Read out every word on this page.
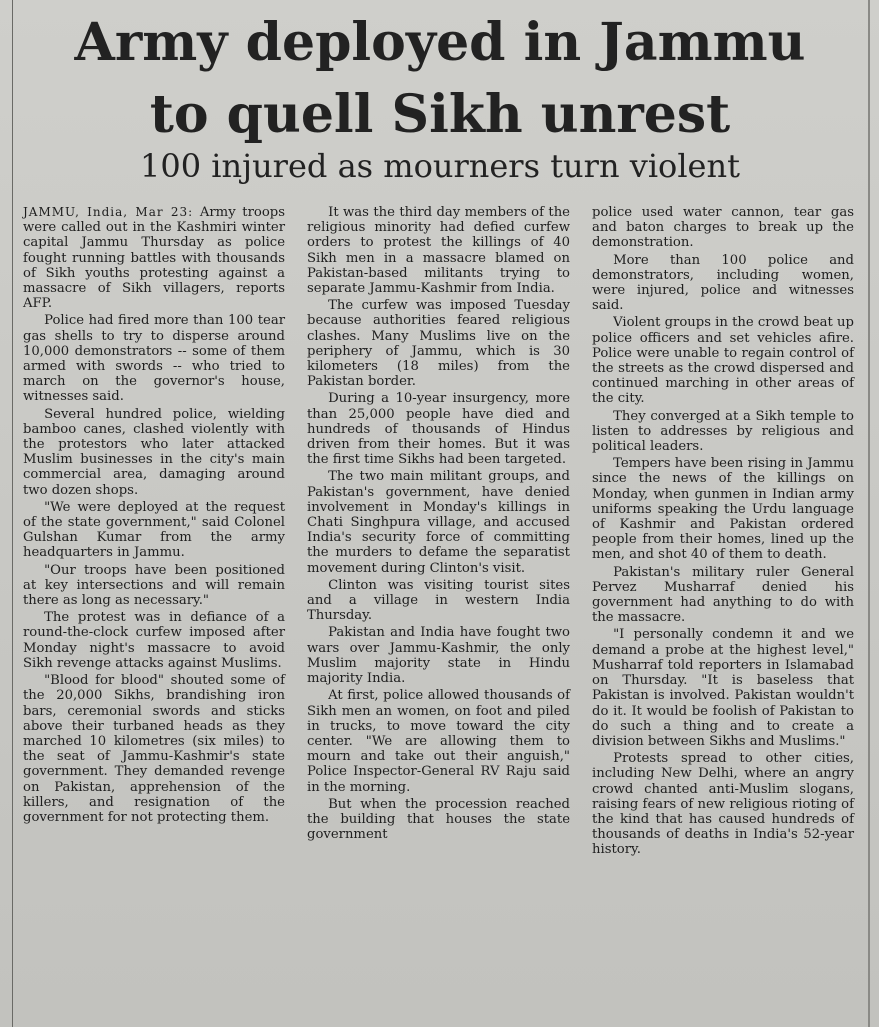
Army deployed in Jammu
to quell Sikh unrest
100 injured as mourners turn violent

JAMMU, India, Mar 23: Army troops were called out in the Kashmiri winter capital Jammu Thursday as police fought running battles with thousands of Sikh youths protesting against a massacre of Sikh villagers, reports AFP.

Police had fired more than 100 tear gas shells to try to disperse around 10,000 demonstrators -- some of them armed with swords -- who tried to march on the governor's house, witnesses said.

Several hundred police, wielding bamboo canes, clashed violently with the protestors who later attacked Muslim businesses in the city's main commercial area, damaging around two dozen shops.

"We were deployed at the request of the state government," said Colonel Gulshan Kumar from the army headquarters in Jammu.

"Our troops have been positioned at key intersections and will remain there as long as necessary."

The protest was in defiance of a round-the-clock curfew imposed after Monday night's massacre to avoid Sikh revenge attacks against Muslims.

"Blood for blood" shouted some of the 20,000 Sikhs, brandishing iron bars, ceremonial swords and sticks above their turbaned heads as they marched 10 kilometres (six miles) to the seat of Jammu-Kashmir's state government. They demanded revenge on Pakistan, apprehension of the killers, and resignation of the government for not protecting them.

It was the third day members of the religious minority had defied curfew orders to protest the killings of 40 Sikh men in a massacre blamed on Pakistan-based militants trying to separate Jammu-Kashmir from India.

The curfew was imposed Tuesday because authorities feared religious clashes. Many Muslims live on the periphery of Jammu, which is 30 kilometers (18 miles) from the Pakistan border.

During a 10-year insurgency, more than 25,000 people have died and hundreds of thousands of Hindus driven from their homes. But it was the first time Sikhs had been targeted.

The two main militant groups, and Pakistan's government, have denied involvement in Monday's killings in Chati Singhpura village, and accused India's security force of committing the murders to defame the separatist movement during Clinton's visit.

Clinton was visiting tourist sites and a village in western India Thursday.

Pakistan and India have fought two wars over Jammu-Kashmir, the only Muslim majority state in Hindu majority India.

At first, police allowed thousands of Sikh men an women, on foot and piled in trucks, to move toward the city center. "We are allowing them to mourn and take out their anguish," Police Inspector-General RV Raju said in the morning.

But when the procession reached the building that houses the state government

police used water cannon, tear gas and baton charges to break up the demonstration.

More than 100 police and demonstrators, including women, were injured, police and witnesses said.

Violent groups in the crowd beat up police officers and set vehicles afire. Police were unable to regain control of the streets as the crowd dispersed and continued marching in other areas of the city.

They converged at a Sikh temple to listen to addresses by religious and political leaders.

Tempers have been rising in Jammu since the news of the killings on Monday, when gunmen in Indian army uniforms speaking the Urdu language of Kashmir and Pakistan ordered people from their homes, lined up the men, and shot 40 of them to death.

Pakistan's military ruler General Pervez Musharraf denied his government had anything to do with the massacre.

"I personally condemn it and we demand a probe at the highest level," Musharraf told reporters in Islamabad on Thursday. "It is baseless that Pakistan is involved. Pakistan wouldn't do it. It would be foolish of Pakistan to do such a thing and to create a division between Sikhs and Muslims."

Protests spread to other cities, including New Delhi, where an angry crowd chanted anti-Muslim slogans, raising fears of new religious rioting of the kind that has caused hundreds of thousands of deaths in India's 52-year history.
